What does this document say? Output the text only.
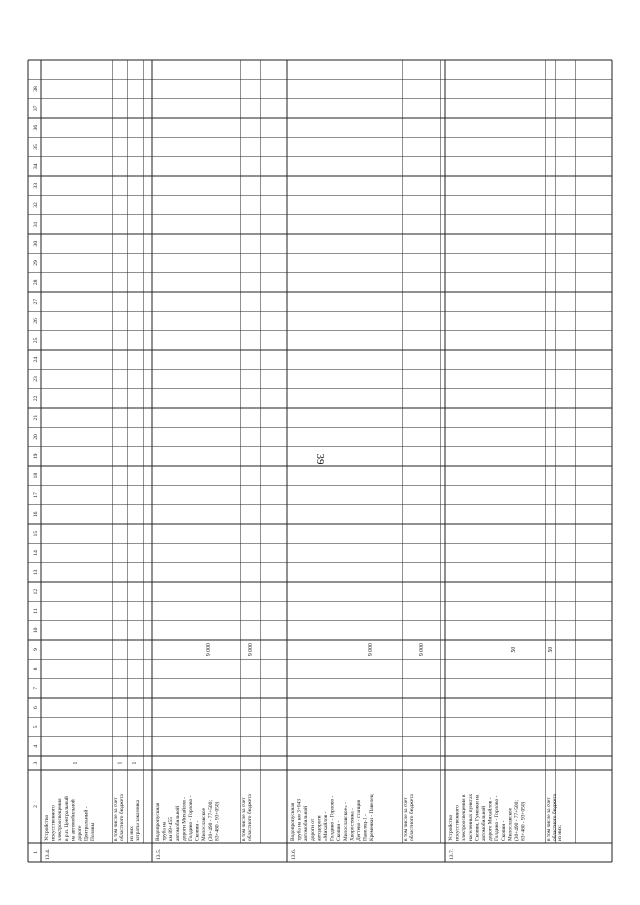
39
1
2
3
4
5
6
7
8
9
10
11
12
13
14
15
16
17
18
19
20
21
22
23
24
25
26
27
28
29
30
31
32
33
34
35
36
37
38
13.4.
Устройство искусственного электроосвещения в р.п. Центральный на автомобильной дороге Центральный - Поляны
1
в том числе за счет областного бюджета
1
из них затраты заказчика
1
13.5.
Водопропускная труба на км 89+455 автомобильной дороги Михайлов - Голдино - Горлово - Скопин - Милославское (30+490 - 77+500; 83+480 - 93+050)
9 000
в том числе за счет областного бюджета
9 000
13.6.
Водопропускная труба на км 3+043 автомобильной дороги от автодороги «Михайлов - Голдино - Горлово - Скопин - Милославское» - Хворостянка - Дегтево - станция Павелец-1 - Кременки - Павелец
9 000
в том числе за счет областного бюджета
9 000
13.7.
Устройство искусственного электроосвещения в населенных пунктах Скопин, Гуменки на автомобильной дороге Михайлов - Голдино - Горлово - Скопин - Милославское (30+490 - 77+500; 83+480 - 93+050)
50
в том числе за счет областного бюджета
50
из них:
